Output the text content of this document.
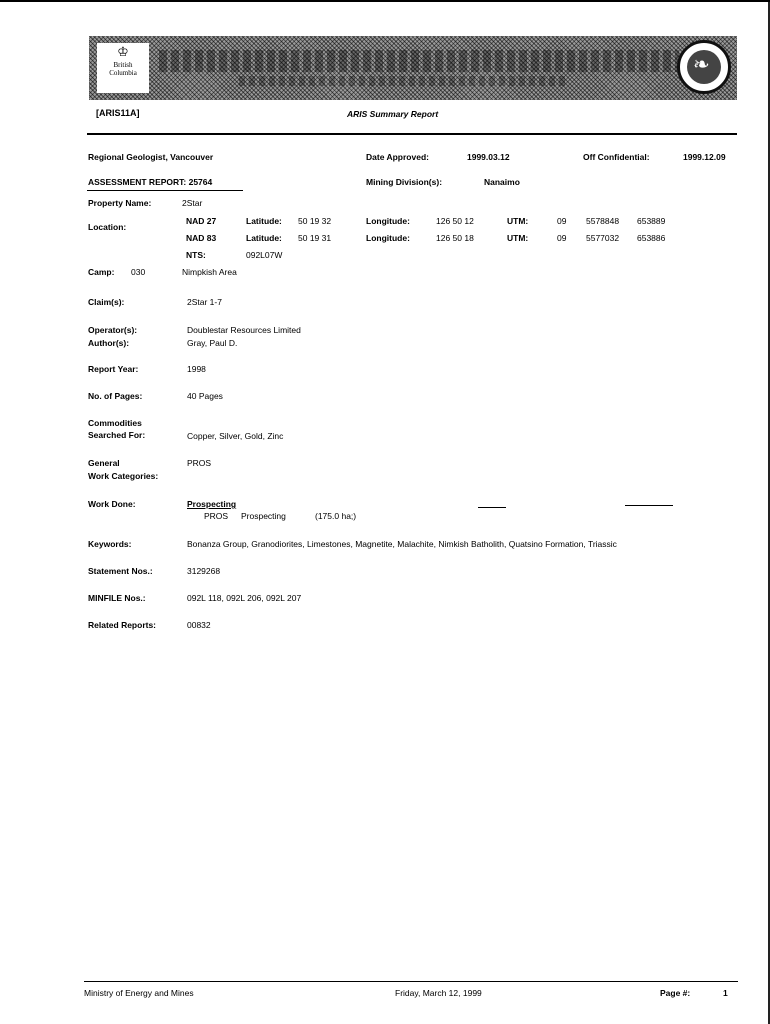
♔
British
Columbia	❧
[ARIS11A]	ARIS Summary Report
Regional Geologist, Vancouver	Date Approved:	1999.03.12	Off Confidential:	1999.12.09
ASSESSMENT REPORT: 25764	Mining Division(s):	Nanaimo
Property Name:	2Star
Location:
NAD 27	Latitude: 50 19 32	Longitude:	126 50 12	UTM:	09 5578848 653889
NAD 83	Latitude: 50 19 31	Longitude:	126 50 18	UTM:	09 5577032 653886
NTS:	092L07W
Camp: 030	Nimpkish Area
Claim(s):	2Star 1-7
Operator(s):	Doublestar Resources Limited
Author(s):	Gray, Paul D.
Report Year:	1998
No. of Pages:	40 Pages
Commodities
Searched For:	Copper, Silver, Gold, Zinc
General
Work Categories:
PROS
Work Done:	Prospecting
PROS Prospecting	(175.0 ha;)
Keywords:	Bonanza Group, Granodiorites, Limestones, Magnetite, Malachite, Nimkish Batholith, Quatsino Formation, Triassic
Statement Nos.:	3129268
MINFILE Nos.:	092L 118, 092L 206, 092L 207
Related Reports:	00832
Ministry of Energy and Mines	Friday, March 12, 1999	Page #:	1
